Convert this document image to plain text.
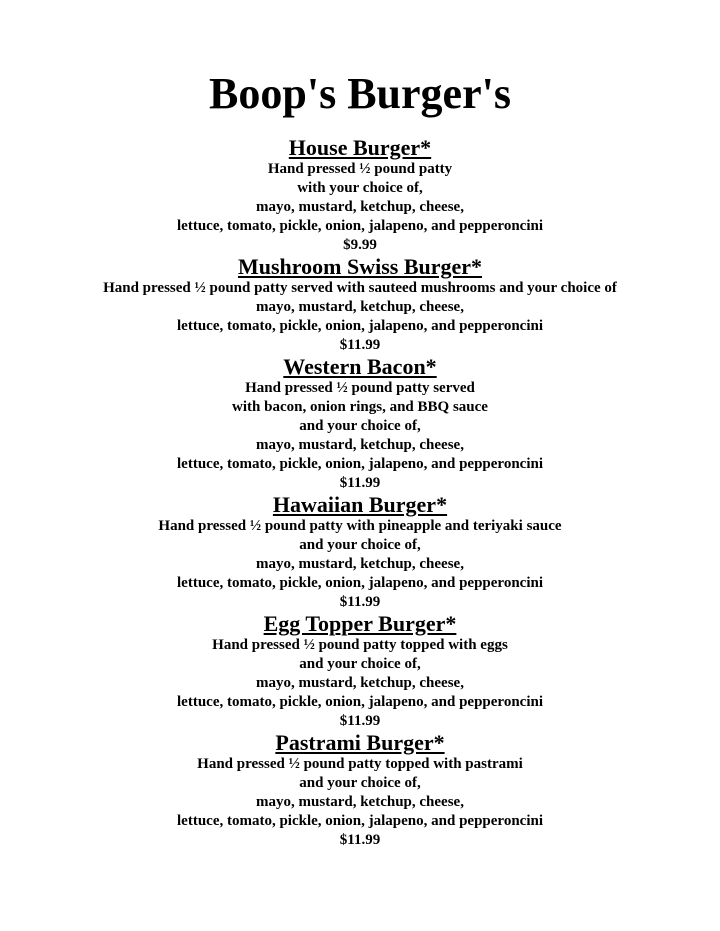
Boop's Burger's
House Burger*
Hand pressed ½ pound patty
with your choice of,
mayo, mustard, ketchup, cheese,
lettuce, tomato, pickle, onion, jalapeno, and pepperoncini
$9.99
Mushroom Swiss Burger*
Hand pressed ½ pound patty served with sauteed mushrooms and your choice of
mayo, mustard, ketchup, cheese,
lettuce, tomato, pickle, onion, jalapeno, and pepperoncini
$11.99
Western Bacon*
Hand pressed ½ pound patty served
with bacon, onion rings, and BBQ sauce
and your choice of,
mayo, mustard, ketchup, cheese,
lettuce, tomato, pickle, onion, jalapeno, and pepperoncini
$11.99
Hawaiian Burger*
Hand pressed ½ pound patty with pineapple and teriyaki sauce
and your choice of,
mayo, mustard, ketchup, cheese,
lettuce, tomato, pickle, onion, jalapeno, and pepperoncini
$11.99
Egg Topper Burger*
Hand pressed ½ pound patty topped with eggs
and your choice of,
mayo, mustard, ketchup, cheese,
lettuce, tomato, pickle, onion, jalapeno, and pepperoncini
$11.99
Pastrami Burger*
Hand pressed ½ pound patty topped with pastrami
and your choice of,
mayo, mustard, ketchup, cheese,
lettuce, tomato, pickle, onion, jalapeno, and pepperoncini
$11.99
